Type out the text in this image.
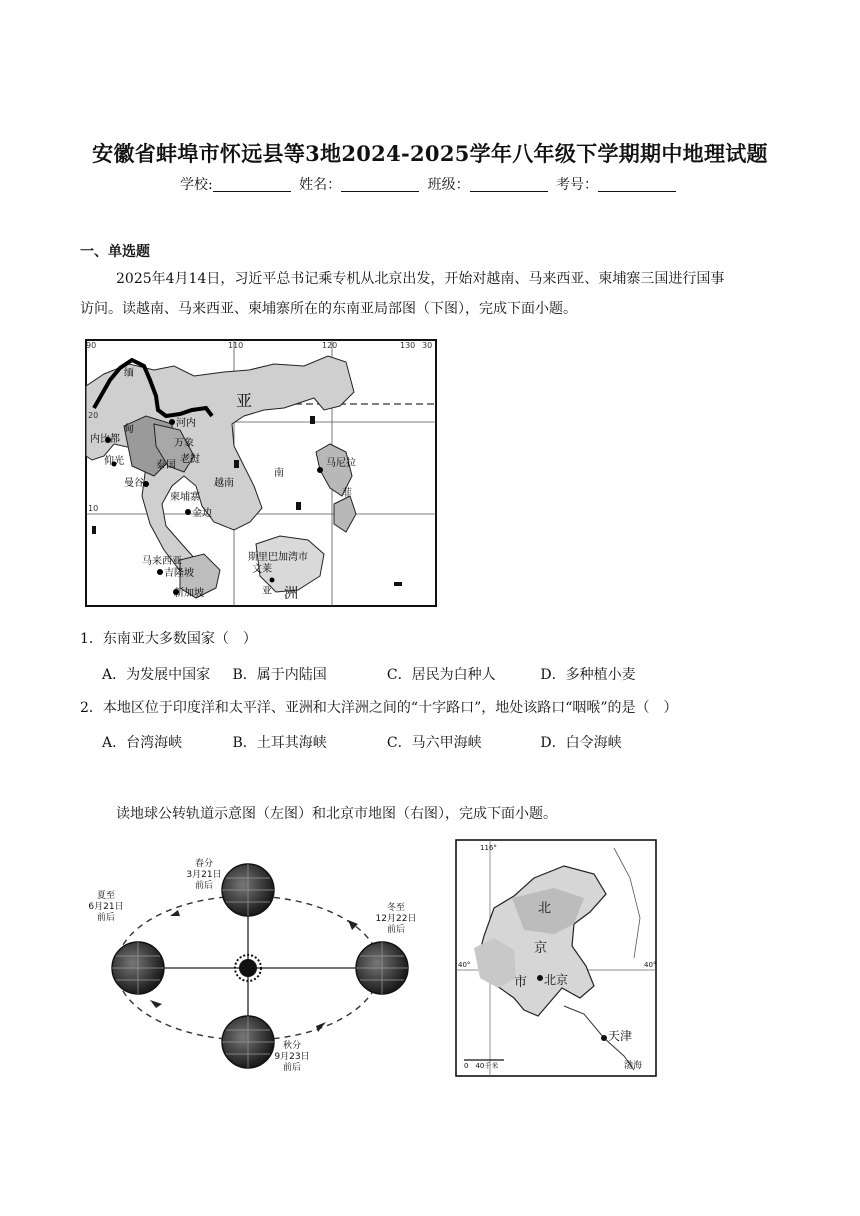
安徽省蚌埠市怀远县等3地2024-2025学年八年级下学期期中地理试题
学校:	姓名：	班级：	考号：
一、单选题
2025年4月14日，习近平总书记乘专机从北京出发，开始对越南、马来西亚、柬埔寨三国进行国事
访问。读越南、马来西亚、柬埔寨所在的东南亚局部图（下图），完成下面小题。
90	110	120	130 30
20
10
缅
甸
内比都
仰光
亚
河内
万象
泰国
老挝
曼谷
柬埔寨
金边
越南
南
马尼拉
菲
马来西亚
吉隆坡
新加坡
斯里巴加湾市
文莱
亚 洲
1．东南亚大多数国家（　）
A．为发展中国家 B．属于内陆国	C．居民为白种人	D．多种植小麦
2．本地区位于印度洋和太平洋、亚洲和大洋洲之间的“十字路口”，地处该路口“咽喉”的是（　）
A．台湾海峡	B．土耳其海峡	C．马六甲海峡	D．白令海峡
读地球公转轨道示意图（左图）和北京市地图（右图），完成下面小题。
春分
3月21日
前后
夏至
6月21日
前后
冬至
12月22日
前后
秋分
9月23日
前后
116°
40°	40°
北
京
市 北京
天津
0　40千米	渤海
